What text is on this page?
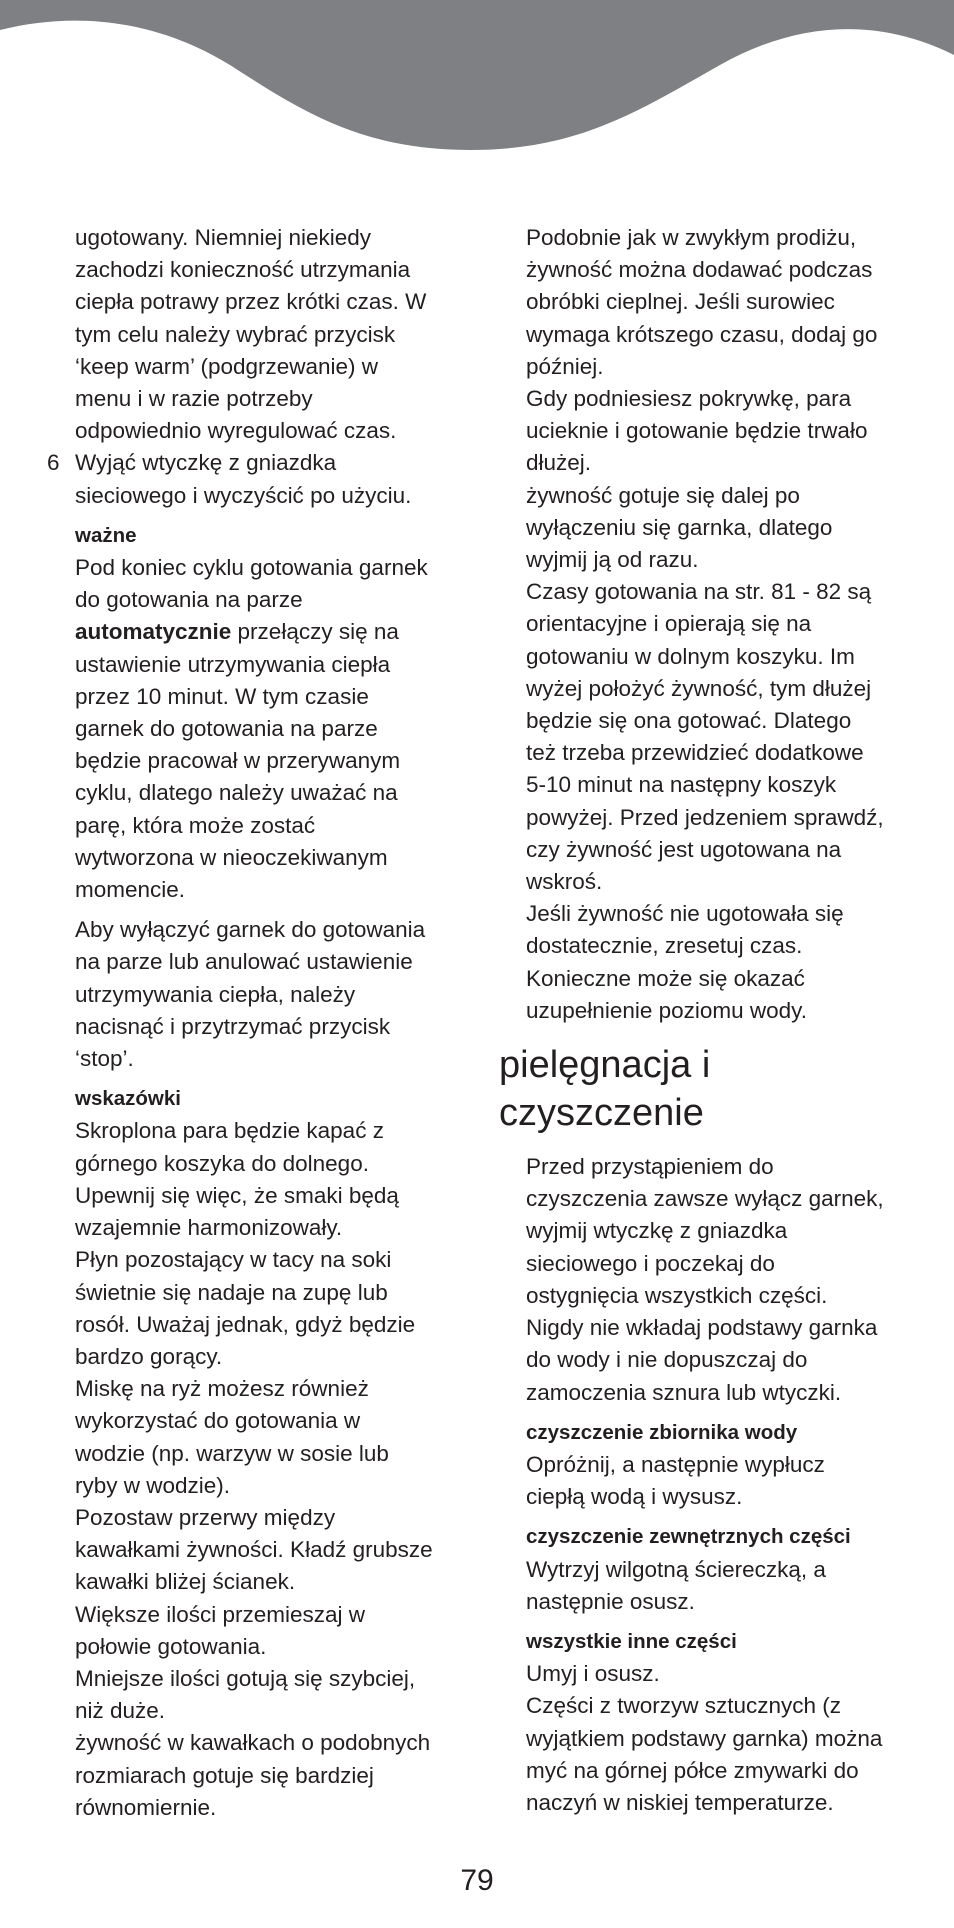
ugotowany. Niemniej niekiedy

zachodzi konieczność utrzymania

ciepła potrawy przez krótki czas. W

tym celu należy wybrać przycisk

‘keep warm’ (podgrzewanie) w

menu i w razie potrzeby

odpowiednio wyregulować czas.

6 Wyjąć wtyczkę z gniazdka

sieciowego i wyczyścić po użyciu.

ważne

Pod koniec cyklu gotowania garnek

do gotowania na parze

automatycznie przełączy się na

ustawienie utrzymywania ciepła

przez 10 minut. W tym czasie

garnek do gotowania na parze

będzie pracował w przerywanym

cyklu, dlatego należy uważać na

parę, która może zostać

wytworzona w nieoczekiwanym

momencie.

Aby wyłączyć garnek do gotowania

na parze lub anulować ustawienie

utrzymywania ciepła, należy

nacisnąć i przytrzymać przycisk

‘stop’.

wskazówki

Skroplona para będzie kapać z

górnego koszyka do dolnego.

Upewnij się więc, że smaki będą

wzajemnie harmonizowały.

Płyn pozostający w tacy na soki

świetnie się nadaje na zupę lub

rosół. Uważaj jednak, gdyż będzie

bardzo gorący.

Miskę na ryż możesz również

wykorzystać do gotowania w

wodzie (np. warzyw w sosie lub

ryby w wodzie).

Pozostaw przerwy między

kawałkami żywności. Kładź grubsze

kawałki bliżej ścianek.

Większe ilości przemieszaj w

połowie gotowania.

Mniejsze ilości gotują się szybciej,

niż duże.

żywność w kawałkach o podobnych

rozmiarach gotuje się bardziej

równomiernie.

Podobnie jak w zwykłym prodiżu,

żywność można dodawać podczas

obróbki cieplnej. Jeśli surowiec

wymaga krótszego czasu, dodaj go

później.

Gdy podniesiesz pokrywkę, para

ucieknie i gotowanie będzie trwało

dłużej.

żywność gotuje się dalej po

wyłączeniu się garnka, dlatego

wyjmij ją od razu.

Czasy gotowania na str. 81 - 82 są

orientacyjne i opierają się na

gotowaniu w dolnym koszyku. Im

wyżej położyć żywność, tym dłużej

będzie się ona gotować. Dlatego

też trzeba przewidzieć dodatkowe

5-10 minut na następny koszyk

powyżej. Przed jedzeniem sprawdź,

czy żywność jest ugotowana na

wskroś.

Jeśli żywność nie ugotowała się

dostatecznie, zresetuj czas.

Konieczne może się okazać

uzupełnienie poziomu wody.

pielęgnacja i
czyszczenie

Przed przystąpieniem do

czyszczenia zawsze wyłącz garnek,

wyjmij wtyczkę z gniazdka

sieciowego i poczekaj do

ostygnięcia wszystkich części.

Nigdy nie wkładaj podstawy garnka

do wody i nie dopuszczaj do

zamoczenia sznura lub wtyczki.

czyszczenie zbiornika wody

Opróżnij, a następnie wypłucz

ciepłą wodą i wysusz.

czyszczenie zewnętrznych części

Wytrzyj wilgotną ściereczką, a

następnie osusz.

wszystkie inne części

Umyj i osusz.

Części z tworzyw sztucznych (z

wyjątkiem podstawy garnka) można

myć na górnej półce zmywarki do

naczyń w niskiej temperaturze.

79
